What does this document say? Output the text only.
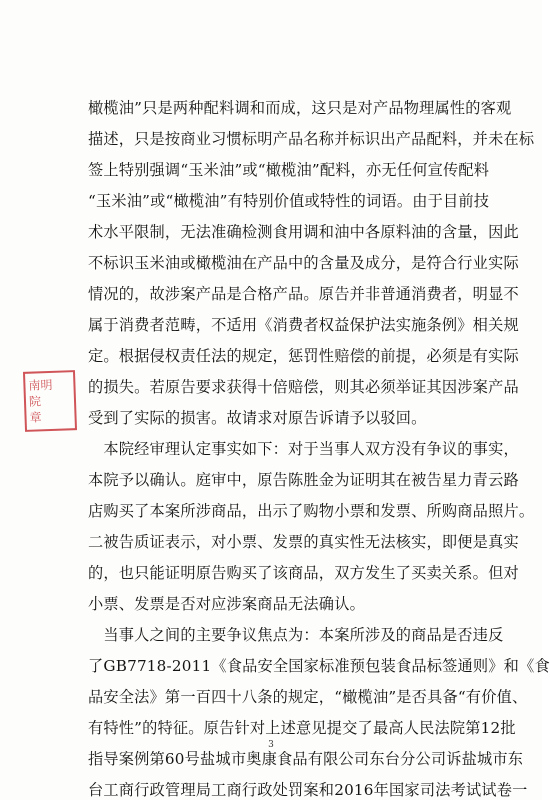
橄榄油”只是两种配料调和而成，这只是对产品物理属性的客观
描述，只是按商业习惯标明产品名称并标识出产品配料，并未在标
签上特别强调“玉米油”或“橄榄油”配料，亦无任何宣传配料
“玉米油”或“橄榄油”有特别价值或特性的词语。由于目前技
术水平限制，无法准确检测食用调和油中各原料油的含量，因此
不标识玉米油或橄榄油在产品中的含量及成分，是符合行业实际
情况的，故涉案产品是合格产品。原告并非普通消费者，明显不
属于消费者范畴，不适用《消费者权益保护法实施条例》相关规
定。根据侵权责任法的规定，惩罚性赔偿的前提，必须是有实际
的损失。若原告要求获得十倍赔偿，则其必须举证其因涉案产品
受到了实际的损害。故请求对原告诉请予以驳回。
　本院经审理认定事实如下：对于当事人双方没有争议的事实，
本院予以确认。庭审中，原告陈胜金为证明其在被告星力青云路
店购买了本案所涉商品，出示了购物小票和发票、所购商品照片。
二被告质证表示，对小票、发票的真实性无法核实，即便是真实
的，也只能证明原告购买了该商品，双方发生了买卖关系。但对
小票、发票是否对应涉案商品无法确认。
　当事人之间的主要争议焦点为：本案所涉及的商品是否违反
了GB7718-2011《食品安全国家标准预包装食品标签通则》和《食
品安全法》第一百四十八条的规定，“橄榄油”是否具备“有价值、
有特性”的特征。原告针对上述意见提交了最高人民法院第12批
指导案例第60号盐城市奥康食品有限公司东台分公司诉盐城市东
台工商行政管理局工商行政处罚案和2016年国家司法考试试卷一
南明
院
章
3
